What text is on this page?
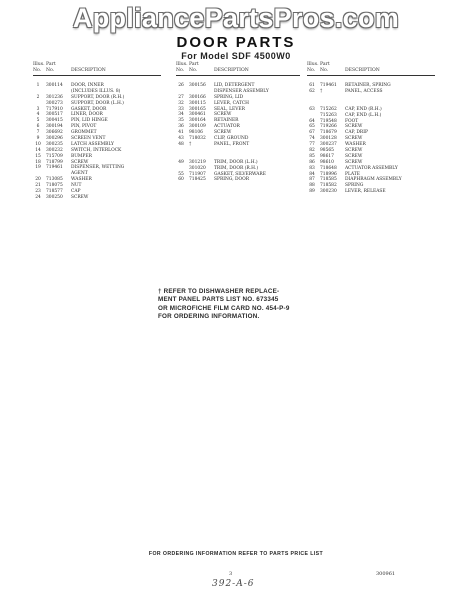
AppliancePartsPros.com
DOOR PARTS
For Model SDF 4500W0
Illus.
No.
Part
No.	DESCRIPTION
1	300114 DOOR, INNER
(INCLUDES ILLUS. 8)
2	301236 SUPPORT, DOOR (R.H.)
300273 SUPPORT, DOOR (L.H.)
3	717910 GASKET, DOOR
4	300517 LINER, DOOR
5	300415 PIN, LID HINGE
6	300194 PIN, PIVOT
7	306692 GROMMET
9	300296 SCREEN VENT
10	300235 LATCH ASSEMBLY
14	300232 SWITCH, INTERLOCK
15	715709 BUMPER
18	718799 SCREW
19	719461 DISPENSER, WETTING
AGENT
20	713085 WASHER
21	718075 NUT
23	718577 CAP
24	300250 SCREW
Illus.
No.
Part
No.	DESCRIPTION
26	300156 LID, DETERGENT
DISPENSER ASSEMBLY
27	300166 SPRING, LID
32	300115 LEVER, CATCH
33	300165 SEAL, LEVER
34	300461 SCREW
35	300164 RETAINER
36	300109 ACTUATOR
41	98106	SCREW
43	718032 CLIP, GROUND
48	†	PANEL, FRONT
49	301219 TRIM, DOOR (L.H.)
301020 TRIM, DOOR (R.H.)
55	711907 GASKET, SILVERWARE
60	718425 SPRING, DOOR
Illus.
No.
Part
No.	DESCRIPTION
61	719461 RETAINER, SPRING
62	†	PANEL, ACCESS
63	715262 CAP, END (R.H.)
715263 CAP, END (L.H.)
64	719548 FOOT
65	719266 SCREW
67	718679 CAP, DRIP
74	300128 SCREW
77	300237 WASHER
82	98565	SCREW
85	98617	SCREW
86	98610	SCREW
83	718648 ACTUATOR ASSEMBLY
84	718996 PLATE
87	718585 DIAPHRAGM ASSEMBLY
88	718582 SPRING
89	300230 LEVER, RELEASE
† REFER TO DISHWASHER REPLACE-
MENT PANEL PARTS LIST NO. 673345
OR MICROFICHE FILM CARD NO. 454-P-9
FOR ORDERING INFORMATION.
FOR ORDERING INFORMATION REFER TO PARTS PRICE LIST
3	300961
392-A-6
